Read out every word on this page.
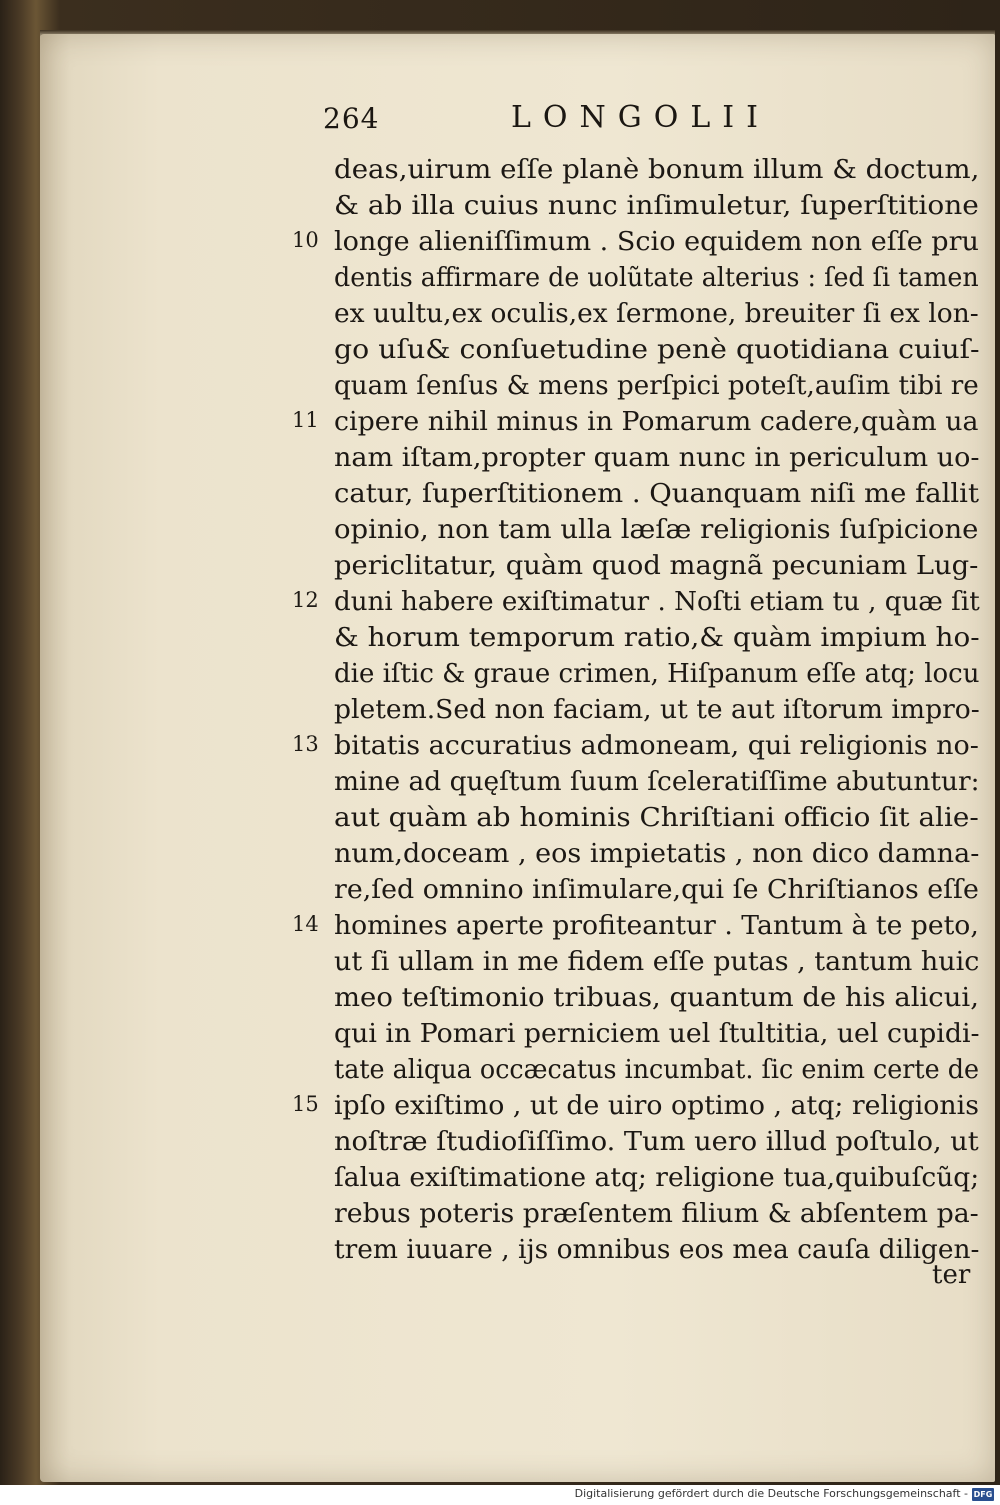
264	LONGOLII
deas,uirum eſſe planè bonum illum & doctum,
& ab illa cuius nunc inſimuletur, ſuperſtitione
10 longe alieniſſimum . Scio equidem non eſſe pru
dentis affirmare de uolũtate alterius : ſed ſi tamen
ex uultu,ex oculis,ex ſermone, breuiter ſi ex lon-
go uſu& conſuetudine penè quotidiana cuiuſ-
quam ſenſus & mens perſpici poteſt,auſim tibi re
11 cipere nihil minus in Pomarum cadere,quàm ua
nam iſtam,propter quam nunc in periculum uo-
catur, ſuperſtitionem . Quanquam niſi me fallit
opinio, non tam ulla læſæ religionis ſuſpicione
periclitatur, quàm quod magnã pecuniam Lug-
12 duni habere exiſtimatur . Noſti etiam tu , quæ ſit
& horum temporum ratio,& quàm impium ho-
die iſtic & graue crimen, Hiſpanum eſſe atq; locu
pletem.Sed non faciam, ut te aut iſtorum impro-
13 bitatis accuratius admoneam, qui religionis no-
mine ad quęſtum ſuum ſceleratiſſime abutuntur:
aut quàm ab hominis Chriſtiani officio ſit alie-
num,doceam , eos impietatis , non dico damna-
re,ſed omnino inſimulare,qui ſe Chriſtianos eſſe
14 homines aperte profiteantur . Tantum à te peto,
ut ſi ullam in me fidem eſſe putas , tantum huic
meo teſtimonio tribuas, quantum de his alicui,
qui in Pomari perniciem uel ſtultitia, uel cupidi-
tate aliqua occæcatus incumbat. ſic enim certe de
15 ipſo exiſtimo , ut de uiro optimo , atq; religionis
noſtræ ſtudioſiſſimo. Tum uero illud poſtulo, ut
ſalua exiſtimatione atq; religione tua,quibuſcũq;
rebus poteris præſentem filium & abſentem pa-
trem iuuare , ijs omnibus eos mea cauſa diligen-
ter
Digitalisierung gefördert durch die Deutsche Forschungsgemeinschaft - DFG
